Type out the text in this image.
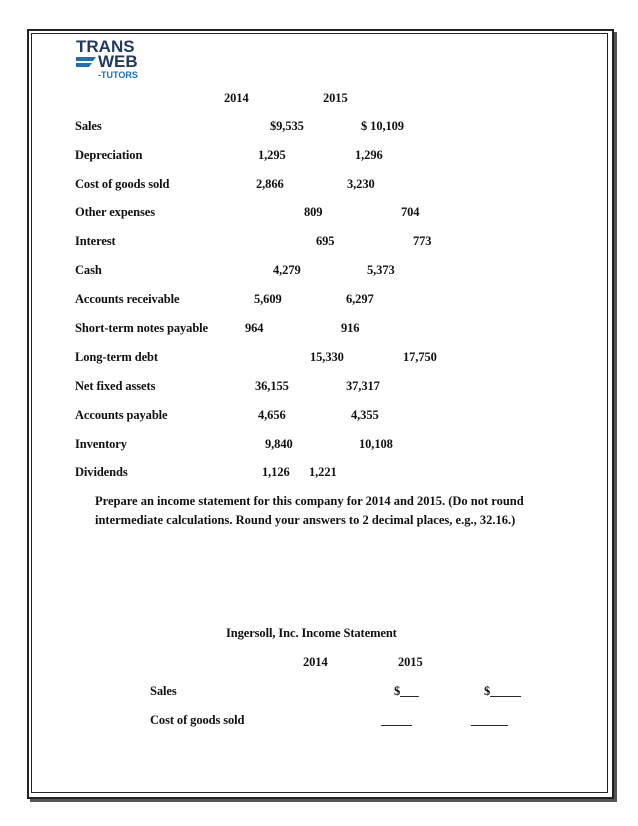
TRANS
WEB
-TUTORS
2014	2015
Sales	$9,535	$ 10,109
Depreciation	1,295	1,296
Cost of goods sold	2,866	3,230
Other expenses	809	704
Interest	695	773
Cash	4,279	5,373
Accounts receivable	5,609	6,297
Short-term notes payable	964	916
Long-term debt	15,330	17,750
Net fixed assets	36,155	37,317
Accounts payable	4,656	4,355
Inventory	9,840	10,108
Dividends	1,126 1,221
Prepare an income statement for this company for 2014 and 2015. (Do not round intermediate calculations. Round your answers to 2 decimal places, e.g., 32.16.)
Ingersoll, Inc. Income Statement
2014	2015
Sales	$___	$_____
Cost of goods sold	_____	______
